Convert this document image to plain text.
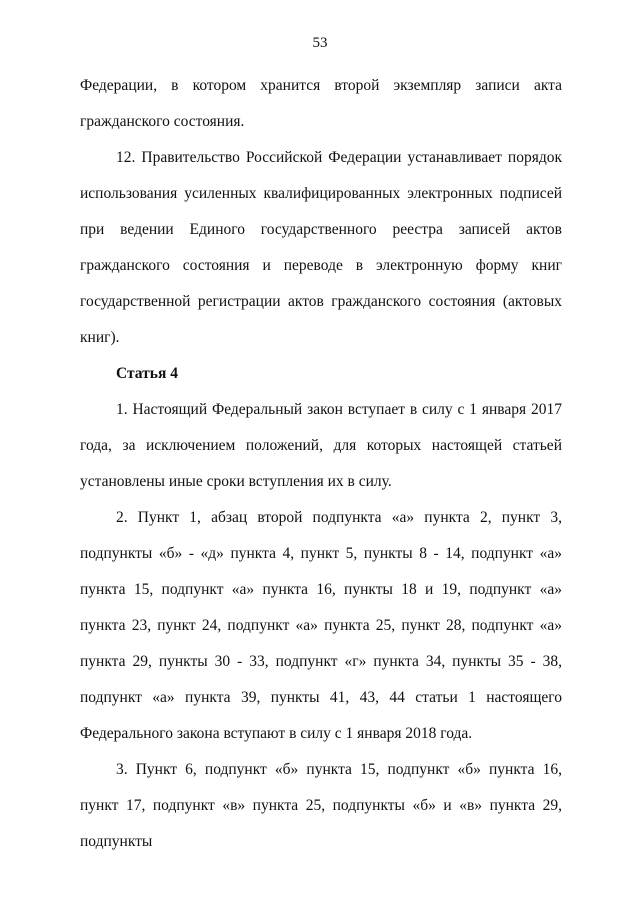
53

Федерации, в котором хранится второй экземпляр записи акта гражданского состояния.

12. Правительство Российской Федерации устанавливает порядок использования усиленных квалифицированных электронных подписей при ведении Единого государственного реестра записей актов гражданского состояния и переводе в электронную форму книг государственной регистрации актов гражданского состояния (актовых книг).

Статья 4

1. Настоящий Федеральный закон вступает в силу с 1 января 2017 года, за исключением положений, для которых настоящей статьей установлены иные сроки вступления их в силу.

2. Пункт 1, абзац второй подпункта «а» пункта 2, пункт 3, подпункты «б» - «д» пункта 4, пункт 5, пункты 8 - 14, подпункт «а» пункта 15, подпункт «а» пункта 16, пункты 18 и 19, подпункт «а» пункта 23, пункт 24, подпункт «а» пункта 25, пункт 28, подпункт «а» пункта 29, пункты 30 - 33, подпункт «г» пункта 34, пункты 35 - 38, подпункт «а» пункта 39, пункты 41, 43, 44 статьи 1 настоящего Федерального закона вступают в силу с 1 января 2018 года.

3. Пункт 6, подпункт «б» пункта 15, подпункт «б» пункта 16, пункт 17, подпункт «в» пункта 25, подпункты «б» и «в» пункта 29, подпункты
